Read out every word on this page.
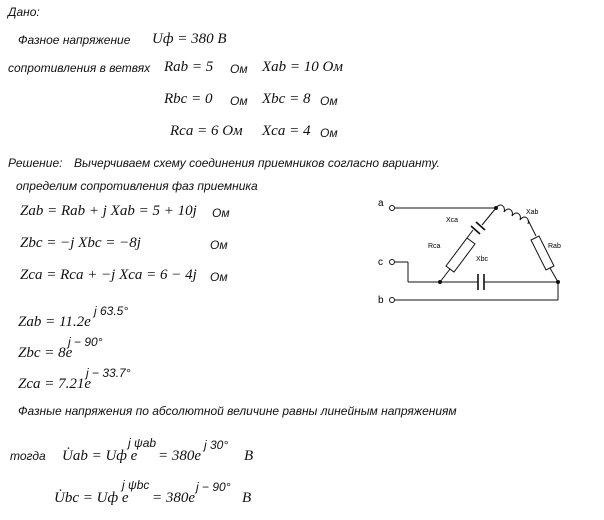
Дано:
Фазное напряжение Uф = 380 В
сопротивления в ветвях Rab = 5 Ом Xab = 10 Ом
Rbc = 0 Ом Xbc = 8 Ом
Rca = 6 Ом Xca = 4 Ом
Решение: Вычерчиваем схему соединения приемников согласно варианту.
определим сопротивления фаз приемника
Zab = Rab + j Xab = 5 + 10j Ом
Zbc = −j Xbc = −8j	Ом
Zca = Rca + −j Xca = 6 − 4j Ом
Zab = 11.2e
j 63.5°
Zbc = 8e
j − 90°
Zca = 7.21e
j − 33.7°
Фазные напряжения по абсолютной величине равны линейным напряжениям
тогда U̇ab = Uф e
j ψab
= 380e
j 30°
В
U̇bc = Uф e
j ψbc
= 380e
j − 90°
В
a
c
b
Xca
Xab
Rca
Xbc
Rab
